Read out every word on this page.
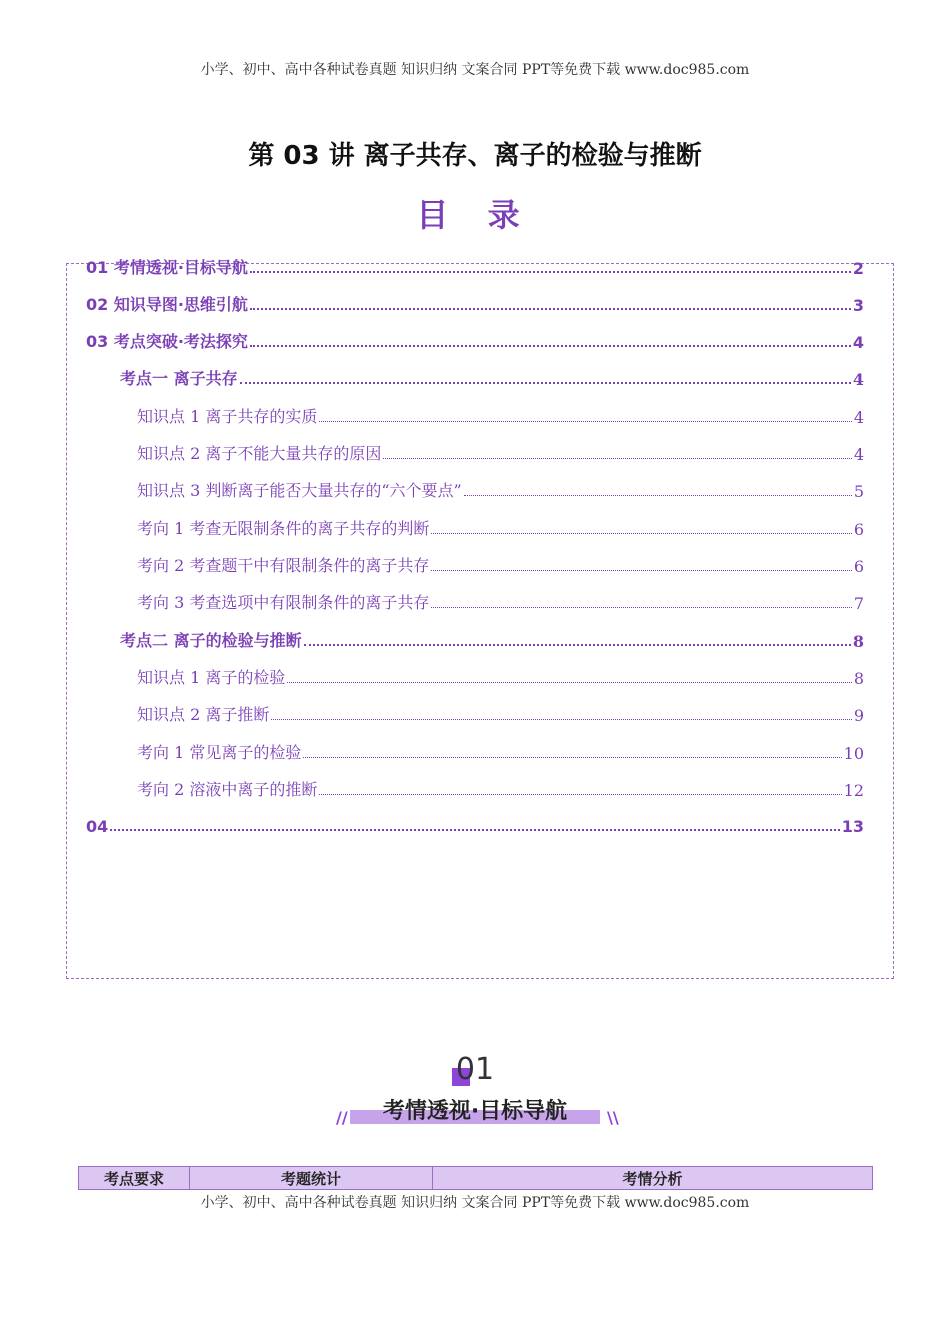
小学、初中、高中各种试卷真题 知识归纳 文案合同 PPT等免费下载 www.doc985.com
第 03 讲 离子共存、离子的检验与推断
目 录
01 考情透视·目标导航	2
02 知识导图·思维引航	3
03 考点突破·考法探究	4
考点一 离子共存	4
知识点 1 离子共存的实质	4
知识点 2 离子不能大量共存的原因	4
知识点 3 判断离子能否大量共存的“六个要点”	5
考向 1 考查无限制条件的离子共存的判断	6
考向 2 考查题干中有限制条件的离子共存	6
考向 3 考查选项中有限制条件的离子共存	7
考点二 离子的检验与推断	8
知识点 1 离子的检验	8
知识点 2 离子推断	9
考向 1 常见离子的检验	10
考向 2 溶液中离子的推断	12
04	13
01
//	考情透视·目标导航	\\
考点要求	考题统计	考情分析
小学、初中、高中各种试卷真题 知识归纳 文案合同 PPT等免费下载 www.doc985.com
